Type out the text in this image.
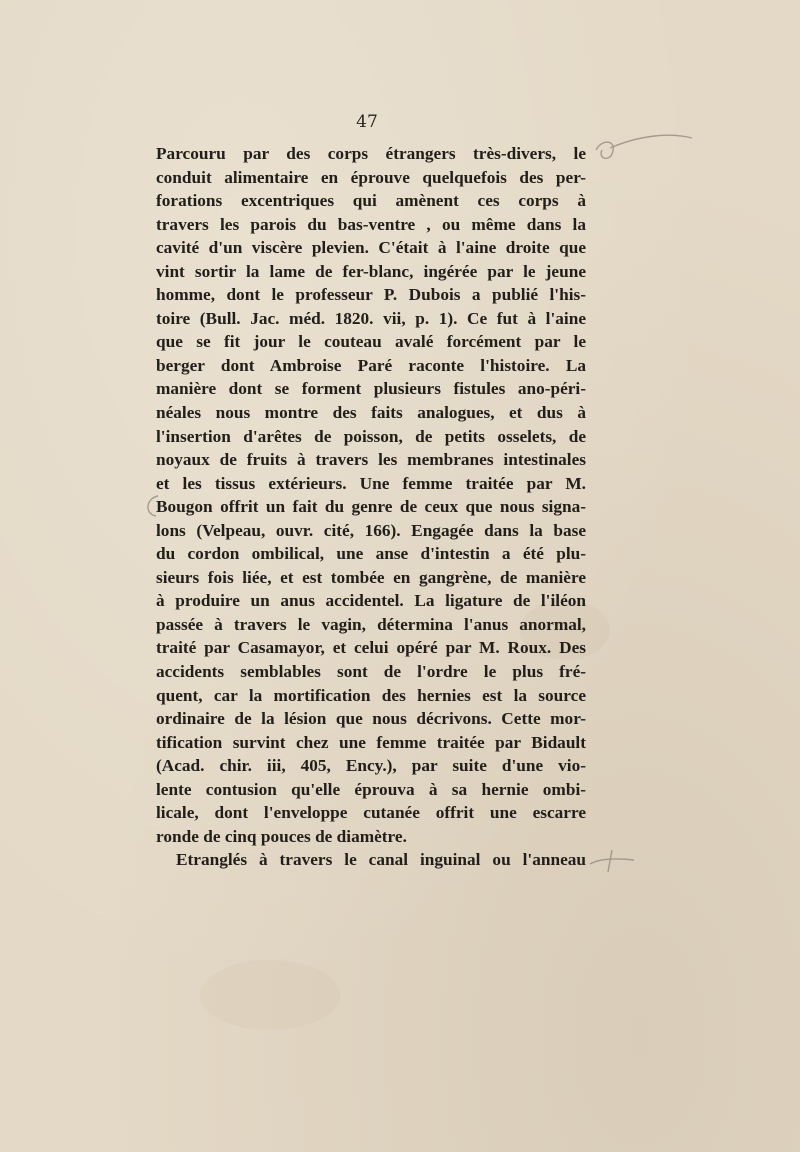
47
Parcouru par des corps étrangers très-divers, le
conduit alimentaire en éprouve quelquefois des per-
forations excentriques qui amènent ces corps à
travers les parois du bas-ventre , ou même dans la
cavité d'un viscère plevien. C'était à l'aine droite que
vint sortir la lame de fer-blanc, ingérée par le jeune
homme, dont le professeur P. Dubois a publié l'his-
toire (Bull. Jac. méd. 1820. vii, p. 1). Ce fut à l'aine
que se fit jour le couteau avalé forcément par le
berger dont Ambroise Paré raconte l'histoire. La
manière dont se forment plusieurs fistules ano-péri-
néales nous montre des faits analogues, et dus à
l'insertion d'arêtes de poisson, de petits osselets, de
noyaux de fruits à travers les membranes intestinales
et les tissus extérieurs. Une femme traitée par M.
Bougon offrit un fait du genre de ceux que nous signa-
lons (Velpeau, ouvr. cité, 166). Engagée dans la base
du cordon ombilical, une anse d'intestin a été plu-
sieurs fois liée, et est tombée en gangrène, de manière
à produire un anus accidentel. La ligature de l'iléon
passée à travers le vagin, détermina l'anus anormal,
traité par Casamayor, et celui opéré par M. Roux. Des
accidents semblables sont de l'ordre le plus fré-
quent, car la mortification des hernies est la source
ordinaire de la lésion que nous décrivons. Cette mor-
tification survint chez une femme traitée par Bidault
(Acad. chir. iii, 405, Ency.), par suite d'une vio-
lente contusion qu'elle éprouva à sa hernie ombi-
licale, dont l'enveloppe cutanée offrit une escarre
ronde de cinq pouces de diamètre.
Etranglés à travers le canal inguinal ou l'anneau
